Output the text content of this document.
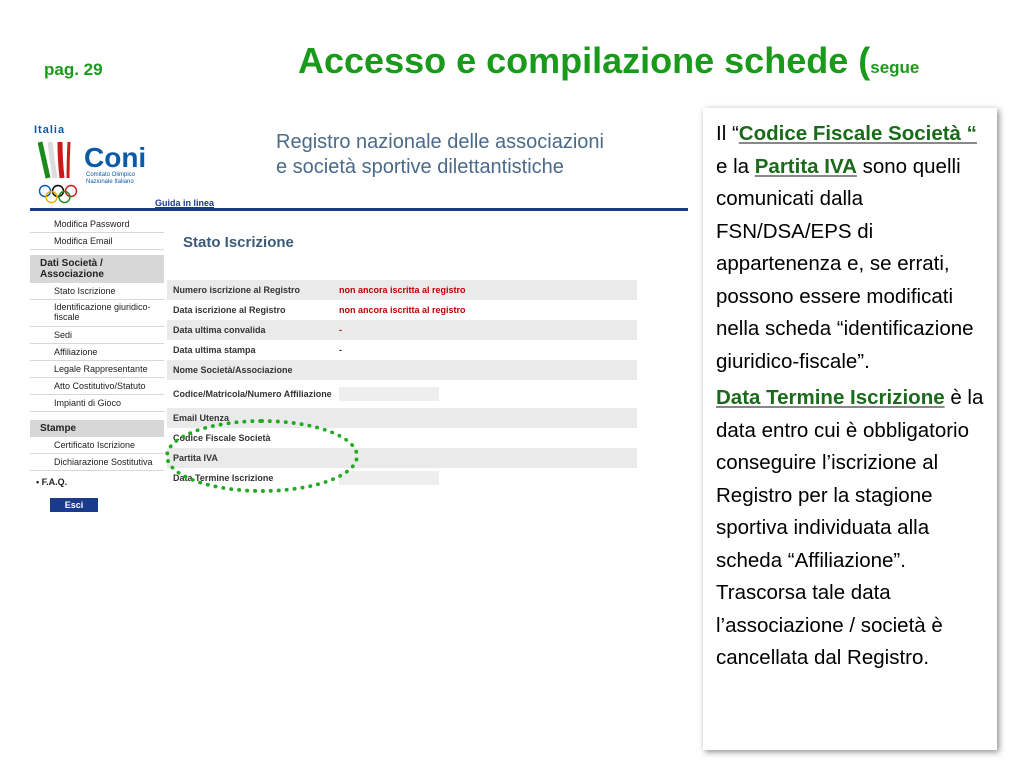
pag. 29	Accesso e compilazione schede (segue
Italia
Coni
Comitato Olimpico
Nazionale Italiano
Registro nazionale delle associazioni
e società sportive dilettantistiche
Guida in linea
Modifica Password
Modifica Email
Dati Società / Associazione
Stato Iscrizione
Identificazione giuridico-fiscale
Sedi
Affiliazione
Legale Rappresentante
Atto Costitutivo/Statuto
Impianti di Gioco
Stampe
Certificato Iscrizione
Dichiarazione Sostitutiva
• F.A.Q.
Esci
Stato Iscrizione
Numero iscrizione al Registro	non ancora iscritta al registro
Data iscrizione al Registro	non ancora iscritta al registro
Data ultima convalida	-
Data ultima stampa	-
Nome Società/Associazione
Codice/Matricola/Numero Affiliazione
Email Utenza
Codice Fiscale Società
Partita IVA
Data Termine Iscrizione

Il “Codice Fiscale Società “ e la Partita IVA sono quelli comunicati dalla FSN/DSA/EPS di appartenenza e, se errati, possono essere modificati nella scheda “identificazione giuridico-fiscale”.

Data Termine Iscrizione è la data entro cui è obbligatorio conseguire l’iscrizione al Registro per la stagione sportiva individuata alla scheda “Affiliazione”. Trascorsa tale data l’associazione / società è cancellata dal Registro.
